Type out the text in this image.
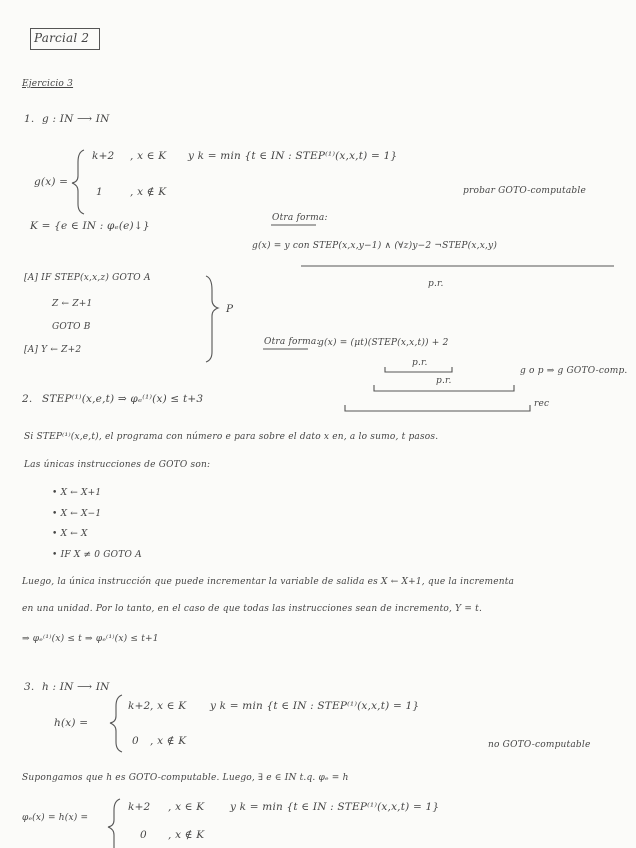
Parcial 2
Ejercicio 3
1. g : IN ⟶ IN
g(x) =
k+2 , x ∈ K y k = min {t ∈ IN : STEP⁽¹⁾(x,x,t) = 1}
1	, x ∉ K	probar GOTO-computable
K = {e ∈ IN : φₑ(e)↓}
Otra forma:
g(x) = y con STEP(x,x,y−1) ∧ (∀z)y−2 ¬STEP(x,x,y)
p.r.
[A] IF STEP(x,x,z) GOTO A
Z ← Z+1
GOTO B
[A] Y ← Z+2
P
Otra forma:
g(x) = (μt)(STEP(x,x,t)) + 2
p.r.
p.r.
rec
g o p ⇒ g GOTO-comp.
2. STEP⁽¹⁾(x,e,t) ⇒ φₑ⁽¹⁾(x) ≤ t+3
Si STEP⁽¹⁾(x,e,t), el programa con número e para sobre el dato x en, a lo sumo, t pasos.
Las únicas instrucciones de GOTO son:
• X ← X+1
• X ← X−1
• X ← X
• IF X ≠ 0 GOTO A
Luego, la única instrucción que puede incrementar la variable de salida es X ← X+1, que la incrementa
en una unidad. Por lo tanto, en el caso de que todas las instrucciones sean de incremento, Y = t.
⇒ φₑ⁽¹⁾(x) ≤ t ⇒ φₑ⁽¹⁾(x) ≤ t+1
3. h : IN ⟶ IN
h(x) =
k+2 , x ∈ K y k = min {t ∈ IN : STEP⁽¹⁾(x,x,t) = 1}
0 , x ∉ K	no GOTO-computable
Supongamos que h es GOTO-computable. Luego, ∃ e ∈ IN t.q. φₑ = h
φₑ(x) = h(x) =
k+2 , x ∈ K y k = min {t ∈ IN : STEP⁽¹⁾(x,x,t) = 1}
0 , x ∉ K
